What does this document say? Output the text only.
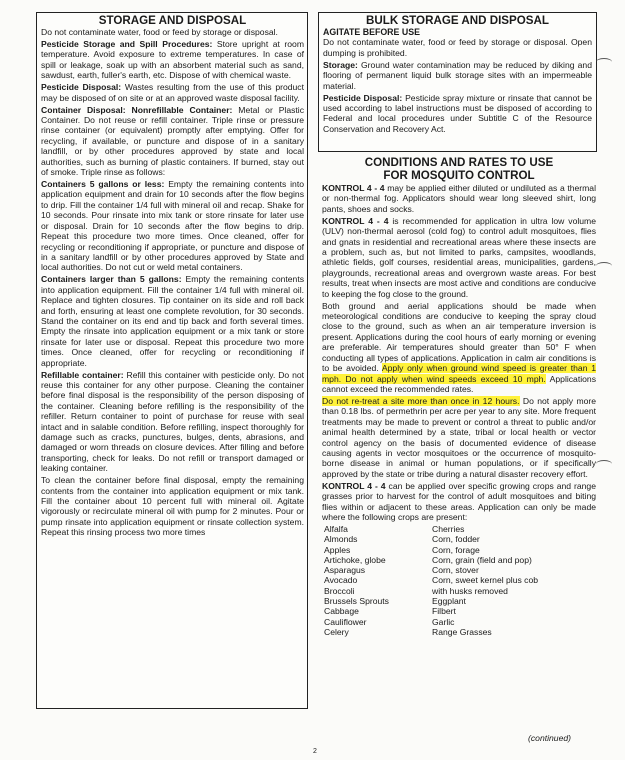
STORAGE AND DISPOSAL

Do not contaminate water, food or feed by storage or disposal.

Pesticide Storage and Spill Procedures: Store upright at room temperature. Avoid exposure to extreme temperatures. In case of spill or leakage, soak up with an absorbent material such as sand, sawdust, earth, fuller's earth, etc. Dispose of with chemical waste.

Pesticide Disposal: Wastes resulting from the use of this product may be disposed of on site or at an approved waste disposal facility.

Container Disposal: Nonrefillable Container: Metal or Plastic Container. Do not reuse or refill container. Triple rinse or pressure rinse container (or equivalent) promptly after emptying. Offer for recycling, if available, or puncture and dispose of in a sanitary landfill, or by other procedures approved by state and local authorities, such as burning of plastic containers. If burned, stay out of smoke. Triple rinse as follows:

Containers 5 gallons or less: Empty the remaining contents into application equipment and drain for 10 seconds after the flow begins to drip. Fill the container 1/4 full with mineral oil and recap. Shake for 10 seconds. Pour rinsate into mix tank or store rinsate for later use or disposal. Drain for 10 seconds after the flow begins to drip. Repeat this procedure two more times. Once cleaned, offer for recycling or reconditioning if appropriate, or puncture and dispose of in a sanitary landfill or by other procedures approved by State and local authorities. Do not cut or weld metal containers.

Containers larger than 5 gallons: Empty the remaining contents into application equipment. Fill the container 1/4 full with mineral oil. Replace and tighten closures. Tip container on its side and roll back and forth, ensuring at least one complete revolution, for 30 seconds. Stand the container on its end and tip back and forth several times. Empty the rinsate into application equipment or a mix tank or store rinsate for later use or disposal. Repeat this procedure two more times. Once cleaned, offer for recycling or reconditioning if appropriate.

Refillable container: Refill this container with pesticide only. Do not reuse this container for any other purpose. Cleaning the container before final disposal is the responsibility of the person disposing of the container. Cleaning before refilling is the responsibility of the refiller. Return container to point of purchase for reuse with seal intact and in salable condition. Before refilling, inspect thoroughly for damage such as cracks, punctures, bulges, dents, abrasions, and damaged or worn threads on closure devices. After filling and before transporting, check for leaks. Do not refill or transport damaged or leaking container.

To clean the container before final disposal, empty the remaining contents from the container into application equipment or mix tank. Fill the container about 10 percent full with mineral oil. Agitate vigorously or recirculate mineral oil with pump for 2 minutes. Pour or pump rinsate into application equipment or rinsate collection system. Repeat this rinsing process two more times

BULK STORAGE AND DISPOSAL
AGITATE BEFORE USE

Do not contaminate water, food or feed by storage or disposal. Open dumping is prohibited.

Storage: Ground water contamination may be reduced by diking and flooring of permanent liquid bulk storage sites with an impermeable material.

Pesticide Disposal: Pesticide spray mixture or rinsate that cannot be used according to label instructions must be disposed of according to Federal and local procedures under Subtitle C of the Resource Conservation and Recovery Act.

CONDITIONS AND RATES TO USE
FOR MOSQUITO CONTROL

KONTROL 4 - 4 may be applied either diluted or undiluted as a thermal or non-thermal fog. Applicators should wear long sleeved shirt, long pants, shoes and socks.

KONTROL 4 - 4 is recommended for application in ultra low volume (ULV) non-thermal aerosol (cold fog) to control adult mosquitoes, flies and gnats in residential and recreational areas where these insects are a problem, such as, but not limited to parks, campsites, woodlands, athletic fields, golf courses, residential areas, municipalities, gardens, playgrounds, recreational areas and overgrown waste areas. For best results, treat when insects are most active and conditions are conducive to keeping the fog close to the ground.

Both ground and aerial applications should be made when meteorological conditions are conducive to keeping the spray cloud close to the ground, such as when an air temperature inversion is present. Applications during the cool hours of early morning or evening are preferable. Air temperatures should greater than 50° F when conducting all types of applications. Application in calm air conditions is to be avoided. Apply only when ground wind speed is greater than 1 mph. Do not apply when wind speeds exceed 10 mph. Applications cannot exceed the recommended rates.

Do not re-treat a site more than once in 12 hours. Do not apply more than 0.18 lbs. of permethrin per acre per year to any site. More frequent treatments may be made to prevent or control a threat to public and/or animal health determined by a state, tribal or local health or vector control agency on the basis of documented evidence of disease causing agents in vector mosquitoes or the occurrence of mosquito-borne disease in animal or human populations, or if specifically approved by the state or tribe during a natural disaster recovery effort.

KONTROL 4 - 4 can be applied over specific growing crops and range grasses prior to harvest for the control of adult mosquitoes and biting flies within or adjacent to these areas. Application can only be made where the following crops are present:

Alfalfa
Almonds
Apples
Artichoke, globe
Asparagus
Avocado
Broccoli
Brussels Sprouts
Cabbage
Cauliflower
Celery
Cherries
Corn, fodder
Corn, forage
Corn, grain (field and pop)
Corn, stover
Corn, sweet kernel plus cob
with husks removed
Eggplant
Filbert
Garlic
Range Grasses
(continued)
2
